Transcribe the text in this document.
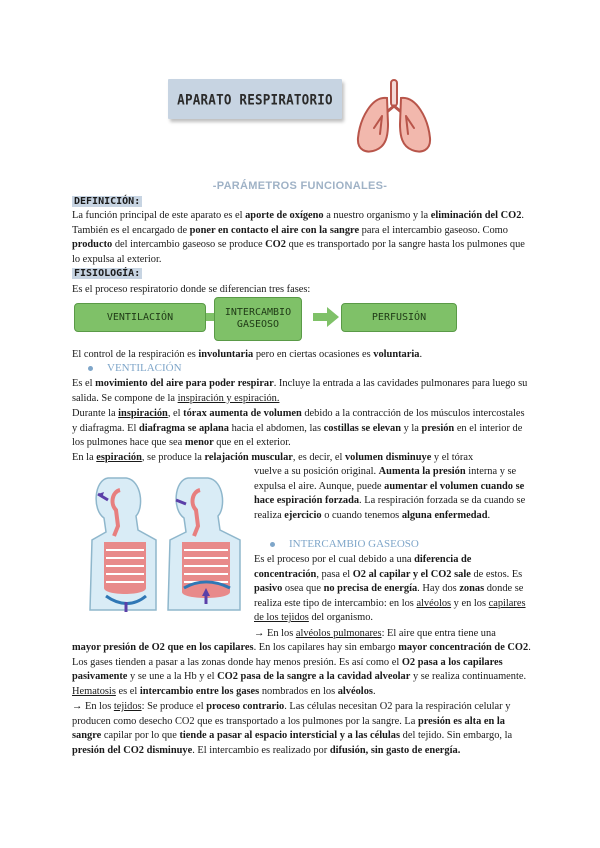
APARATO RESPIRATORIO
-PARÁMETROS FUNCIONALES-
DEFINICIÓN:

La función principal de este aparato es el aporte de oxígeno a nuestro organismo y la eliminación del CO2. También es el encargado de poner en contacto el aire con la sangre para el intercambio gaseoso. Como producto del intercambio gaseoso se produce CO2 que es transportado por la sangre hasta los pulmones que lo expulsa al exterior.

FISIOLOGÍA:

Es el proceso respiratorio donde se diferencian tres fases:

VENTILACIÓN	INTERCAMBIO GASEOSO
PERFUSIÓN

El control de la respiración es involuntaria pero en ciertas ocasiones es voluntaria.

VENTILACIÓN

Es el movimiento del aire para poder respirar. Incluye la entrada a las cavidades pulmonares para luego su salida. Se compone de la inspiración y espiración.

Durante la inspiración, el tórax aumenta de volumen debido a la contracción de los músculos intercostales y diafragma. El diafragma se aplana hacia el abdomen, las costillas se elevan y la presión en el interior de los pulmones hace que sea menor que en el exterior.

En la espiración, se produce la relajación muscular, es decir, el volumen disminuye y el tórax

vuelve a su posición original. Aumenta la presión interna y se expulsa el aire. Aunque, puede aumentar el volumen cuando se hace espiración forzada. La respiración forzada se da cuando se realiza ejercicio o cuando tenemos alguna enfermedad.

INTERCAMBIO GASEOSO

Es el proceso por el cual debido a una diferencia de concentración, pasa el O2 al capilar y el CO2 sale de estos. Es pasivo osea que no precisa de energía. Hay dos zonas donde se realiza este tipo de intercambio: en los alvéolos y en los capilares de los tejidos del organismo.

→ En los alvéolos pulmonares: El aire que entra tiene una

mayor presión de O2 que en los capilares. En los capilares hay sin embargo mayor concentración de CO2. Los gases tienden a pasar a las zonas donde hay menos presión. Es así como el O2 pasa a los capilares pasivamente y se une a la Hb y el CO2 pasa de la sangre a la cavidad alveolar y se realiza continuamente. Hematosis es el intercambio entre los gases nombrados en los alvéolos.

→ En los tejidos: Se produce el proceso contrario. Las células necesitan O2 para la respiración celular y producen como desecho CO2 que es transportado a los pulmones por la sangre. La presión es alta en la sangre capilar por lo que tiende a pasar al espacio intersticial y a las células del tejido. Sin embargo, la presión del CO2 disminuye. El intercambio es realizado por difusión, sin gasto de energía.
